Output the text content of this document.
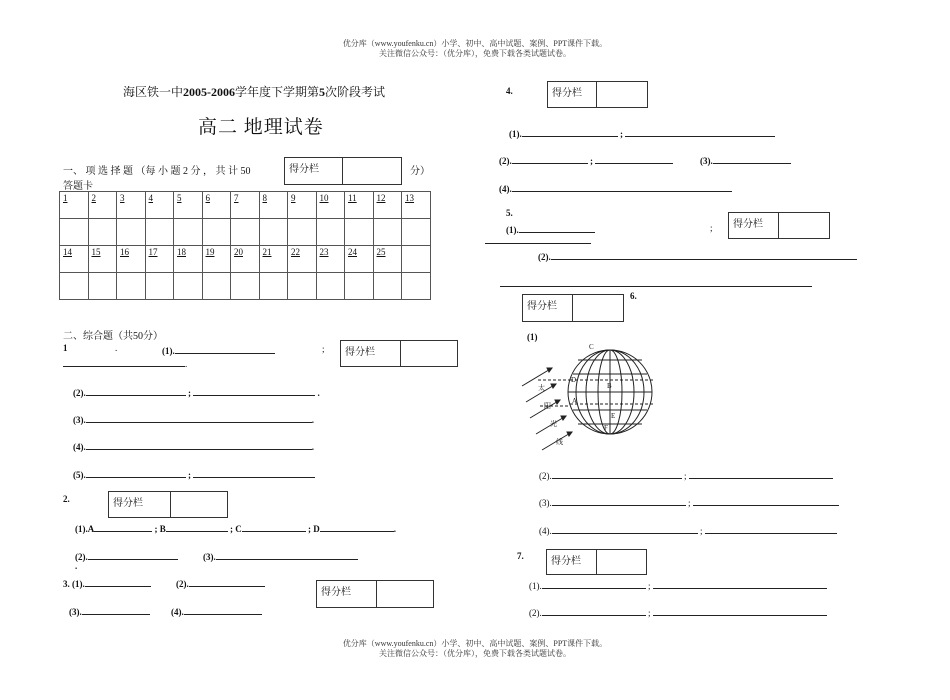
优分库（www.youfenku.cn）小学、初中、高中试题、案例、PPT课件下载。
关注微信公众号：（优分库），免费下载各类试题试卷。
海区铁一中2005-2006学年度下学期第5次阶段考试
高二 地理试卷
一、 项 选 择 题 （每 小 题 2 分 ， 共 计 50	得分栏	分）
答题卡
1	2	3	4	5	6	7	8	9	10	11	12	13

14	15	16	17	18	19	20	21	22	23	24	25	

二、综合题（共50分）
1	.	(1).	;	得分栏
.
(2).	;	.
(3).	.
(4).	.
(5).	;
2.	得分栏
(1).A	; B	; C	; D	.
(2).	(3).
.
3. (1).	(2).
得分栏
(3).	(4).
4.	得分栏
(1).	;
(2).	;	(3).
(4).
5.
(1).	;	得分栏
(2).
得分栏
6.
(1)
C
D
B
A
E
F
太
阳
光
线
(2).	;
(3).	;
(4).	;
7.	得分栏
(1).	;
(2).	;
优分库（www.youfenku.cn）小学、初中、高中试题、案例、PPT课件下载。
关注微信公众号：（优分库），免费下载各类试题试卷。
